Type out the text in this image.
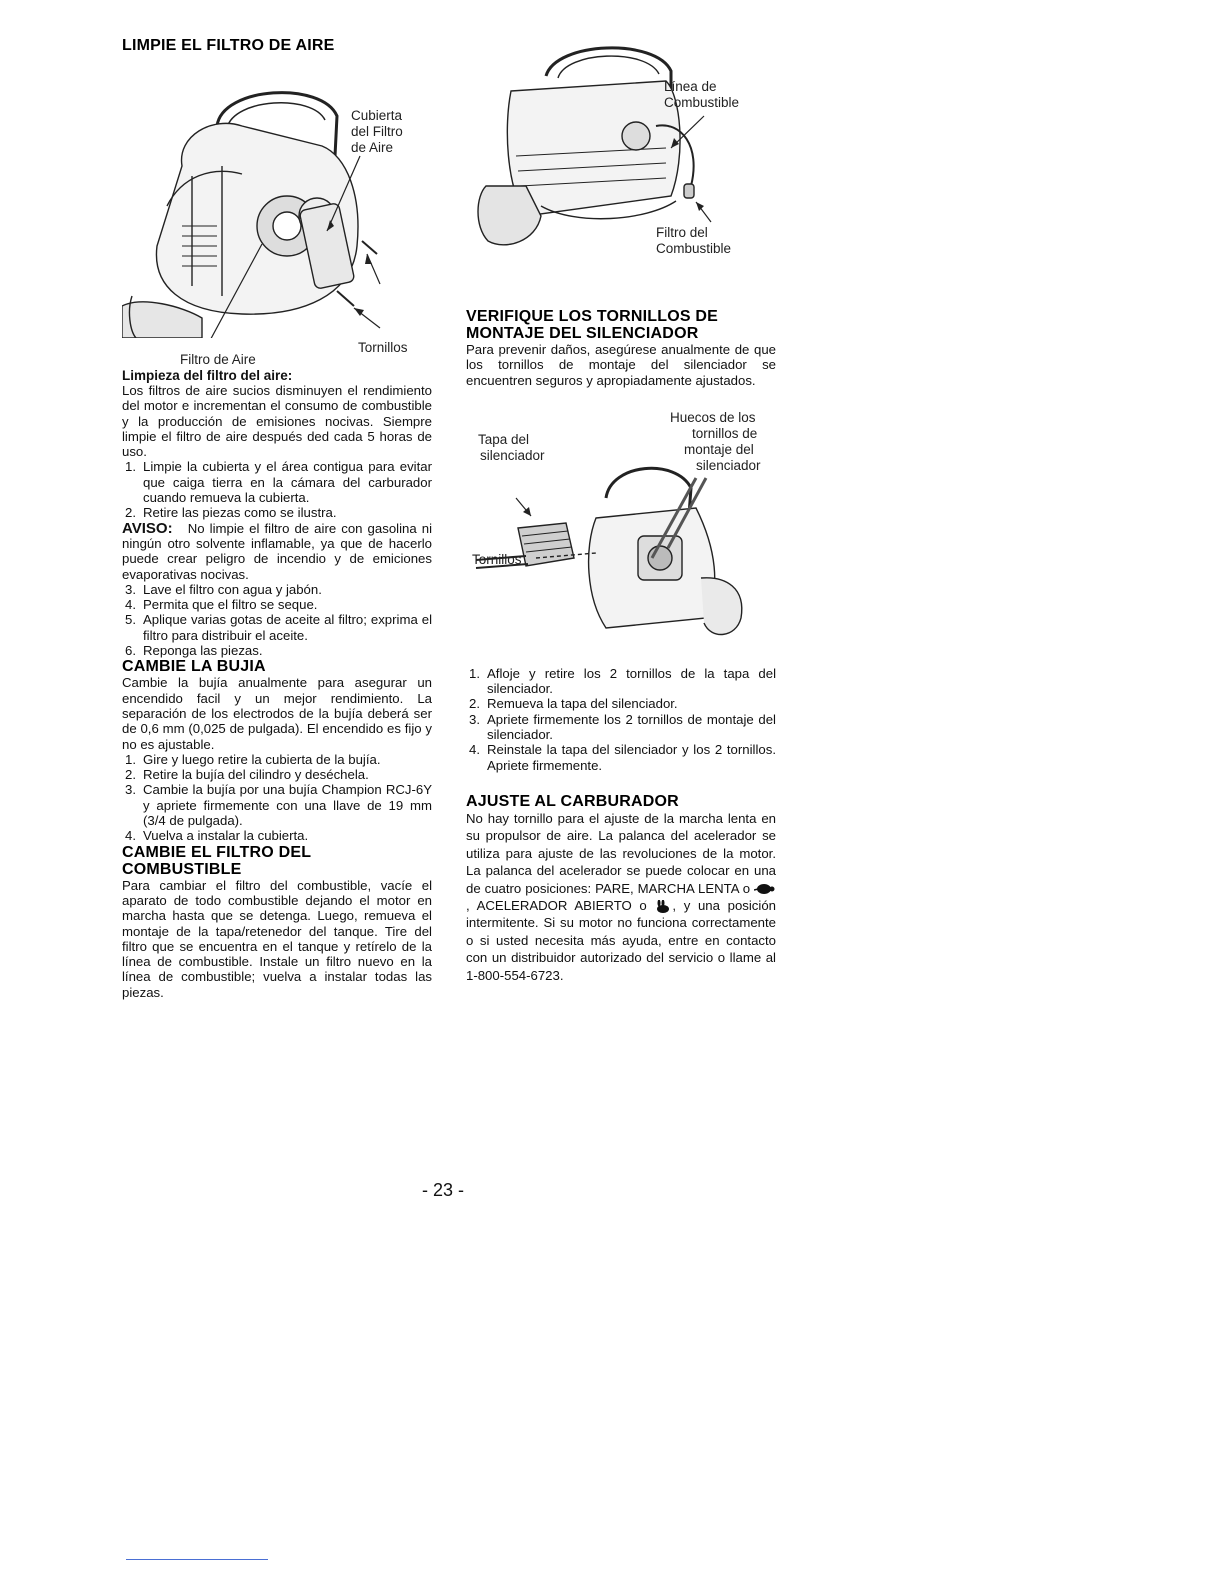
LIMPIE EL FILTRO DE AIRE
Cubierta
del Filtro
de Aire
Tornillos
Filtro de Aire
Limpieza del filtro del aire:

Los filtros de aire sucios disminuyen el rendimiento del motor e incrementan el consumo de combustible y la producción de emisiones nocivas. Siempre limpie el filtro de aire después ded cada 5 horas de uso.

1. Limpie la cubierta y el área contigua para evitar que caiga tierra en la cámara del carburador cuando remueva la cubierta.
2. Retire las piezas como se ilustra.

AVISO: No limpie el filtro de aire con gasolina ni ningún otro solvente inflamable, ya que de hacerlo puede crear peligro de incendio y de emiciones evaporativas nocivas.

3. Lave el filtro con agua y jabón.
4. Permita que el filtro se seque.
5. Aplique varias gotas de aceite al filtro; exprima el filtro para distribuir el aceite.
6. Reponga las piezas.
CAMBIE LA BUJIA

Cambie la bujía anualmente para asegurar un encendido facil y un mejor rendimiento. La separación de los electrodos de la bujía deberá ser de 0,6 mm (0,025 de pulgada). El encendido es fijo y no es ajustable.

1. Gire y luego retire la cubierta de la bujía.
2. Retire la bujía del cilindro y deséchela.
3. Cambie la bujía por una bujía Champion RCJ-6Y y apriete firmemente con una llave de 19 mm (3/4 de pulgada).
4. Vuelva a instalar la cubierta.
CAMBIE EL FILTRO DEL
COMBUSTIBLE

Para cambiar el filtro del combustible, vacíe el aparato de todo combustible dejando el motor en marcha hasta que se detenga. Luego, remueva el montaje de la tapa/retenedor del tanque. Tire del filtro que se encuentra en el tanque y retírelo de la línea de combustible. Instale un filtro nuevo en la línea de combustible; vuelva a instalar todas las piezas.

Línea de
Combustible
Filtro del
Combustible
VERIFIQUE LOS TORNILLOS DE
MONTAJE DEL SILENCIADOR

Para prevenir daños, asegúrese anualmente de que los tornillos de montaje del silenciador se encuentren seguros y apropiadamente ajustados.

Huecos de los
tornillos de
montaje del
silenciador
Tapa del
silenciador
Tornillos
1. Afloje y retire los 2 tornillos de la tapa del silenciador.
2. Remueva la tapa del silenciador.
3. Apriete firmemente los 2 tornillos de montaje del silenciador.
4. Reinstale la tapa del silenciador y los 2 tornillos. Apriete firmemente.
AJUSTE AL CARBURADOR

No hay tornillo para el ajuste de la marcha lenta en su propulsor de aire. La palanca del acelerador se utiliza para ajuste de las revoluciones de la motor. La palanca del acelerador se puede colocar en una de cuatro posiciones: PARE, MARCHA LENTA o , ACELERADOR ABIERTO o , y una posición intermitente. Si su motor no funciona correctamente o si usted necesita más ayuda, entre en contacto con un distribuidor autorizado del servicio o llame al 1-800-554-6723.

- 23 -
